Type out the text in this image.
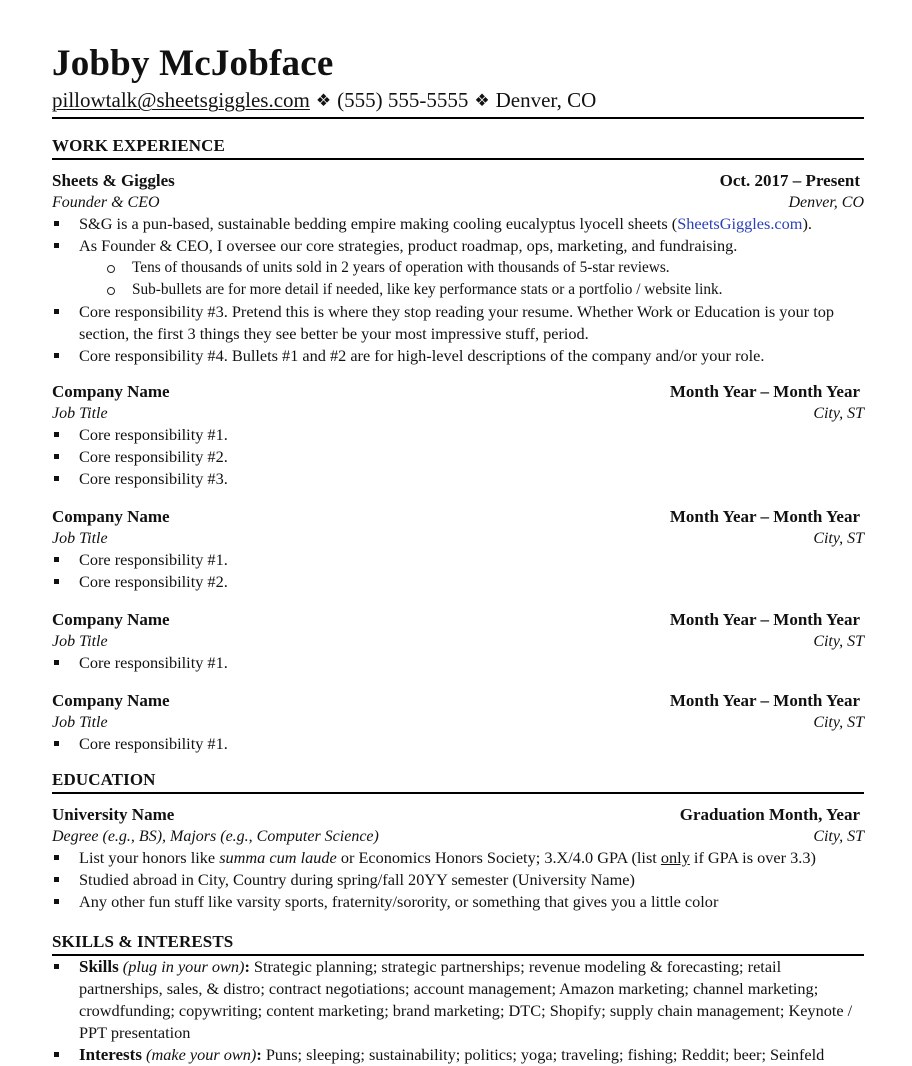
Jobby McJobface
pillowtalk@sheetsgiggles.com ❖ (555) 555-5555 ❖ Denver, CO
WORK EXPERIENCE
Sheets & Giggles	Oct. 2017 – Present
Founder & CEO	Denver, CO
S&G is a pun-based, sustainable bedding empire making cooling eucalyptus lyocell sheets (SheetsGiggles.com).
As Founder & CEO, I oversee our core strategies, product roadmap, ops, marketing, and fundraising.
Tens of thousands of units sold in 2 years of operation with thousands of 5-star reviews.
Sub-bullets are for more detail if needed, like key performance stats or a portfolio / website link.
Core responsibility #3. Pretend this is where they stop reading your resume. Whether Work or Education is your top section, the first 3 things they see better be your most impressive stuff, period.
Core responsibility #4. Bullets #1 and #2 are for high-level descriptions of the company and/or your role.
Company Name	Month Year – Month Year
Job Title	City, ST
Core responsibility #1.
Core responsibility #2.
Core responsibility #3.
Company Name	Month Year – Month Year
Job Title	City, ST
Core responsibility #1.
Core responsibility #2.
Company Name	Month Year – Month Year
Job Title	City, ST
Core responsibility #1.
Company Name	Month Year – Month Year
Job Title	City, ST
Core responsibility #1.
EDUCATION
University Name	Graduation Month, Year
Degree (e.g., BS), Majors (e.g., Computer Science)	City, ST
List your honors like summa cum laude or Economics Honors Society; 3.X/4.0 GPA (list only if GPA is over 3.3)
Studied abroad in City, Country during spring/fall 20YY semester (University Name)
Any other fun stuff like varsity sports, fraternity/sorority, or something that gives you a little color
SKILLS & INTERESTS
Skills (plug in your own): Strategic planning; strategic partnerships; revenue modeling & forecasting; retail partnerships, sales, & distro; contract negotiations; account management; Amazon marketing; channel marketing; crowdfunding; copywriting; content marketing; brand marketing; DTC; Shopify; supply chain management; Keynote / PPT presentation
Interests (make your own): Puns; sleeping; sustainability; politics; yoga; traveling; fishing; Reddit; beer; Seinfeld
